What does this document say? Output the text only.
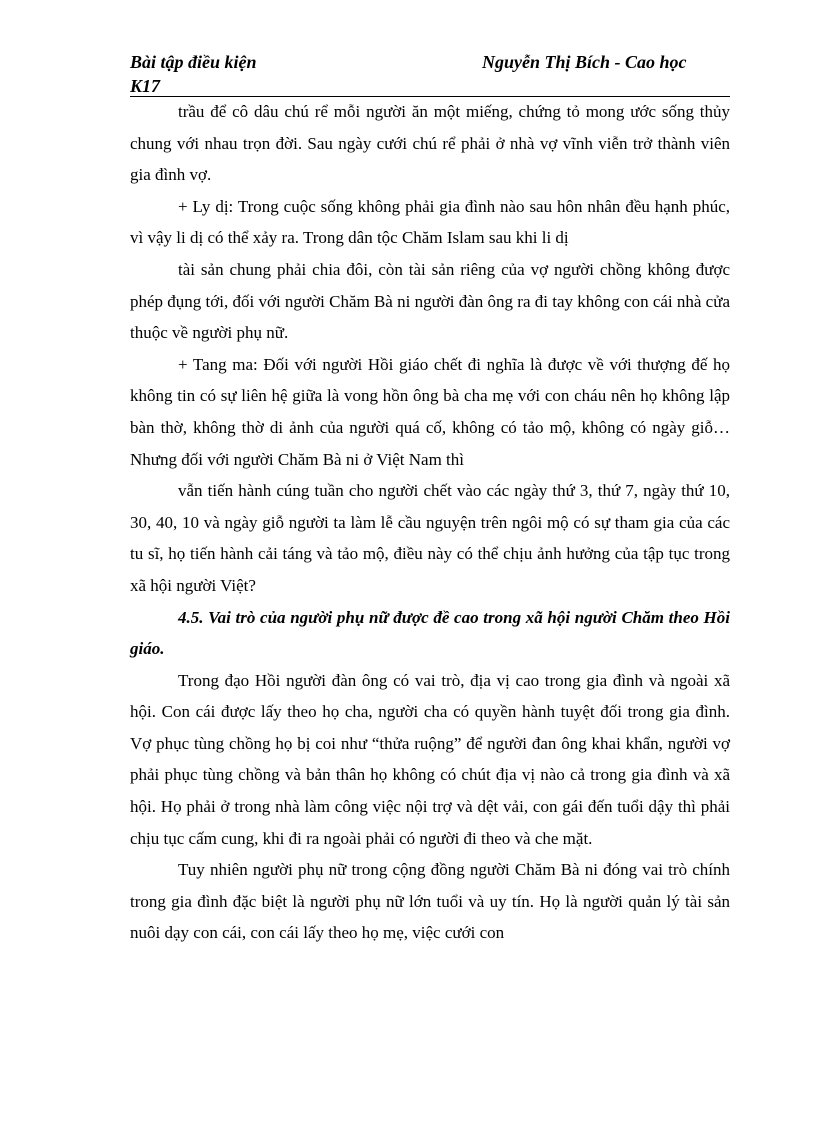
Bài tập điều kiện
K17
Nguyễn Thị Bích - Cao học

trầu để cô dâu chú rể mỗi người ăn một miếng, chứng tỏ mong ước sống thủy chung với nhau trọn đời. Sau ngày cưới chú rể phải ở nhà vợ vĩnh viễn trở thành viên gia đình vợ.

+ Ly dị: Trong cuộc sống không phải gia đình nào sau hôn nhân đều hạnh phúc, vì vậy li dị có thể xảy ra. Trong dân tộc Chăm Islam sau khi li dị

tài sản chung phải chia đôi, còn tài sản riêng của vợ người chồng không được phép đụng tới, đối với người Chăm Bà ni người đàn ông ra đi tay không con cái nhà cửa thuộc về người phụ nữ.

+ Tang ma: Đối với người Hồi giáo chết đi nghĩa là được về với thượng đế họ không tin có sự liên hệ giữa là vong hồn ông bà cha mẹ với con cháu nên họ không lập bàn thờ, không thờ di ảnh của người quá cố, không có tảo mộ, không có ngày giỗ…Nhưng đối với người Chăm Bà ni ở Việt Nam thì

vẫn tiến hành cúng tuần cho người chết vào các ngày thứ 3, thứ 7, ngày thứ 10, 30, 40, 10 và ngày giỗ người ta làm lễ cầu nguyện trên ngôi mộ có sự tham gia của các tu sĩ, họ tiến hành cải táng và tảo mộ, điều này có thể chịu ảnh hưởng của tập tục trong xã hội người Việt?

4.5. Vai trò của người phụ nữ được đề cao trong xã hội người Chăm theo Hồi giáo.

Trong đạo Hồi người đàn ông có vai trò, địa vị cao trong gia đình và ngoài xã hội. Con cái được lấy theo họ cha, người cha có quyền hành tuyệt đối trong gia đình. Vợ phục tùng chồng họ bị coi như “thửa ruộng” để người đan ông khai khẩn, người vợ phải phục tùng chồng và bản thân họ không có chút địa vị nào cả trong gia đình và xã hội. Họ phải ở trong nhà làm công việc nội trợ và dệt vải, con gái đến tuổi dậy thì phải chịu tục cấm cung, khi đi ra ngoài phải có người đi theo và che mặt.

Tuy nhiên người phụ nữ trong cộng đồng người Chăm Bà ni đóng vai trò chính trong gia đình đặc biệt là người phụ nữ lớn tuổi và uy tín. Họ là người quản lý tài sản nuôi dạy con cái, con cái lấy theo họ mẹ, việc cưới con
